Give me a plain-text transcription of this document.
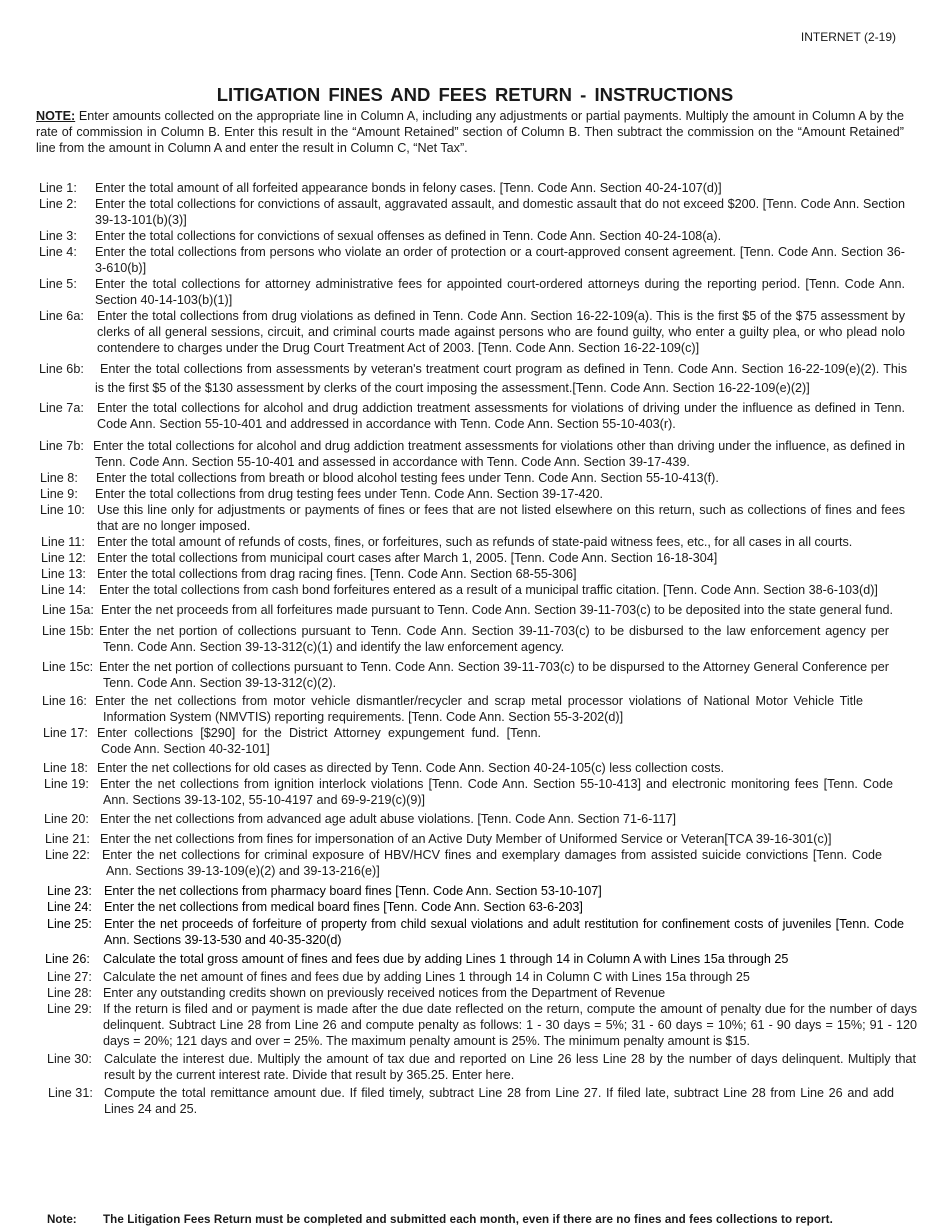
INTERNET (2-19)
LITIGATION FINES AND FEES RETURN - INSTRUCTIONS

NOTE: Enter amounts collected on the appropriate line in Column A, including any adjustments or partial payments. Multiply the amount in Column A by the rate of commission in Column B. Enter this result in the “Amount Retained” section of Column B. Then subtract the commission on the “Amount Retained” line from the amount in Column A and enter the result in Column C, “Net Tax”.

Line 1: Enter the total amount of all forfeited appearance bonds in felony cases. [Tenn. Code Ann. Section 40-24-107(d)]
Line 2: Enter the total collections for convictions of assault, aggravated assault, and domestic assault that do not exceed $200. [Tenn. Code Ann. Section 39-13-101(b)(3)]
Line 3: Enter the total collections for convictions of sexual offenses as defined in Tenn. Code Ann. Section 40-24-108(a).
Line 4: Enter the total collections from persons who violate an order of protection or a court-approved consent agreement. [Tenn. Code Ann. Section 36-3-610(b)]
Line 5: Enter the total collections for attorney administrative fees for appointed court-ordered attorneys during the reporting period. [Tenn. Code Ann. Section 40-14-103(b)(1)]
Line 6a: Enter the total collections from drug violations as defined in Tenn. Code Ann. Section 16-22-109(a). This is the first $5 of the $75 assessment by clerks of all general sessions, circuit, and criminal courts made against persons who are found guilty, who enter a guilty plea, or who plead nolo contendere to charges under the Drug Court Treatment Act of 2003. [Tenn. Code Ann. Section 16-22-109(c)]
Line 6b:	Enter the total collections from assessments by veteran's treatment court program as defined in Tenn. Code Ann. Section 16-22-109(e)(2). This is the first $5 of the $130 assessment by clerks of the court imposing the assessment.[Tenn. Code Ann. Section 16-22-109(e)(2)]
Line 7a: Enter the total collections for alcohol and drug addiction treatment assessments for violations of driving under the influence as defined in Tenn. Code Ann. Section 55-10-401 and addressed in accordance with Tenn. Code Ann. Section 55-10-403(r).
Line 7b: Enter the total collections for alcohol and drug addiction treatment assessments for violations other than driving under the influence, as defined in Tenn. Code Ann. Section 55-10-401 and assessed in accordance with Tenn. Code Ann. Section 39-17-439.
Line 8: Enter the total collections from breath or blood alcohol testing fees under Tenn. Code Ann. Section 55-10-413(f).
Line 9: Enter the total collections from drug testing fees under Tenn. Code Ann. Section 39-17-420.
Line 10: Use this line only for adjustments or payments of fines or fees that are not listed elsewhere on this return, such as collections of fines and fees that are no longer imposed.
Line 11: Enter the total amount of refunds of costs, fines, or forfeitures, such as refunds of state-paid witness fees, etc., for all cases in all courts.
Line 12: Enter the total collections from municipal court cases after March 1, 2005. [Tenn. Code Ann. Section 16-18-304]
Line 13: Enter the total collections from drag racing fines. [Tenn. Code Ann. Section 68-55-306]
Line 14: Enter the total collections from cash bond forfeitures entered as a result of a municipal traffic citation. [Tenn. Code Ann. Section 38-6-103(d)]
Line 15a: Enter the net proceeds from all forfeitures made pursuant to Tenn. Code Ann. Section 39-11-703(c) to be deposited into the state general fund.
Line 15b: Enter the net portion of collections pursuant to Tenn. Code Ann. Section 39-11-703(c) to be disbursed to the law enforcement agency per Tenn. Code Ann. Section 39-13-312(c)(1) and identify the law enforcement agency.
Line 15c: Enter the net portion of collections pursuant to Tenn. Code Ann. Section 39-11-703(c) to be dispursed to the Attorney General Conference per Tenn. Code Ann. Section 39-13-312(c)(2).
Line 16: Enter the net collections from motor vehicle dismantler/recycler and scrap metal processor violations of National Motor Vehicle Title Information System (NMVTIS) reporting requirements. [Tenn. Code Ann. Section 55-3-202(d)]
Line 17: Enter collections [$290] for the District Attorney expungement fund. [Tenn. Code Ann. Section 40-32-101]
Line 18: Enter the net collections for old cases as directed by Tenn. Code Ann. Section 40-24-105(c) less collection costs.
Line 19: Enter the net collections from ignition interlock violations [Tenn. Code Ann. Section 55-10-413] and electronic monitoring fees [Tenn. Code Ann. Sections 39-13-102, 55-10-4197 and 69-9-219(c)(9)]
Line 20: Enter the net collections from advanced age adult abuse violations. [Tenn. Code Ann. Section 71-6-117]
Line 21: Enter the net collections from fines for impersonation of an Active Duty Member of Uniformed Service or Veteran[TCA 39-16-301(c)]
Line 22: Enter the net collections for criminal exposure of HBV/HCV fines and exemplary damages from assisted suicide convictions [Tenn. Code Ann. Sections 39-13-109(e)(2) and 39-13-216(e)]
Line 23: Enter the net collections from pharmacy board fines [Tenn. Code Ann. Section 53-10-107]
Line 24: Enter the net collections from medical board fines [Tenn. Code Ann. Section 63-6-203]
Line 25: Enter the net proceeds of forfeiture of property from child sexual violations and adult restitution for confinement costs of juveniles [Tenn. Code Ann. Sections 39-13-530 and 40-35-320(d)
Line 26: Calculate the total gross amount of fines and fees due by adding Lines 1 through 14 in Column A with Lines 15a through 25
Line 27: Calculate the net amount of fines and fees due by adding Lines 1 through 14 in Column C with Lines 15a through 25
Line 28: Enter any outstanding credits shown on previously received notices from the Department of Revenue
Line 29: If the return is filed and or payment is made after the due date reflected on the return, compute the amount of penalty due for the number of days delinquent. Subtract Line 28 from Line 26 and compute penalty as follows: 1 - 30 days = 5%; 31 - 60 days = 10%; 61 - 90 days = 15%; 91 - 120 days = 20%; 121 days and over = 25%. The maximum penalty amount is 25%. The minimum penalty amount is $15.
Line 30: Calculate the interest due. Multiply the amount of tax due and reported on Line 26 less Line 28 by the number of days delinquent. Multiply that result by the current interest rate. Divide that result by 365.25. Enter here.
Line 31: Compute the total remittance amount due. If filed timely, subtract Line 28 from Line 27. If filed late, subtract Line 28 from Line 26 and add Lines 24 and 25.
Note: The Litigation Fees Return must be completed and submitted each month, even if there are no fines and fees collections to report.
